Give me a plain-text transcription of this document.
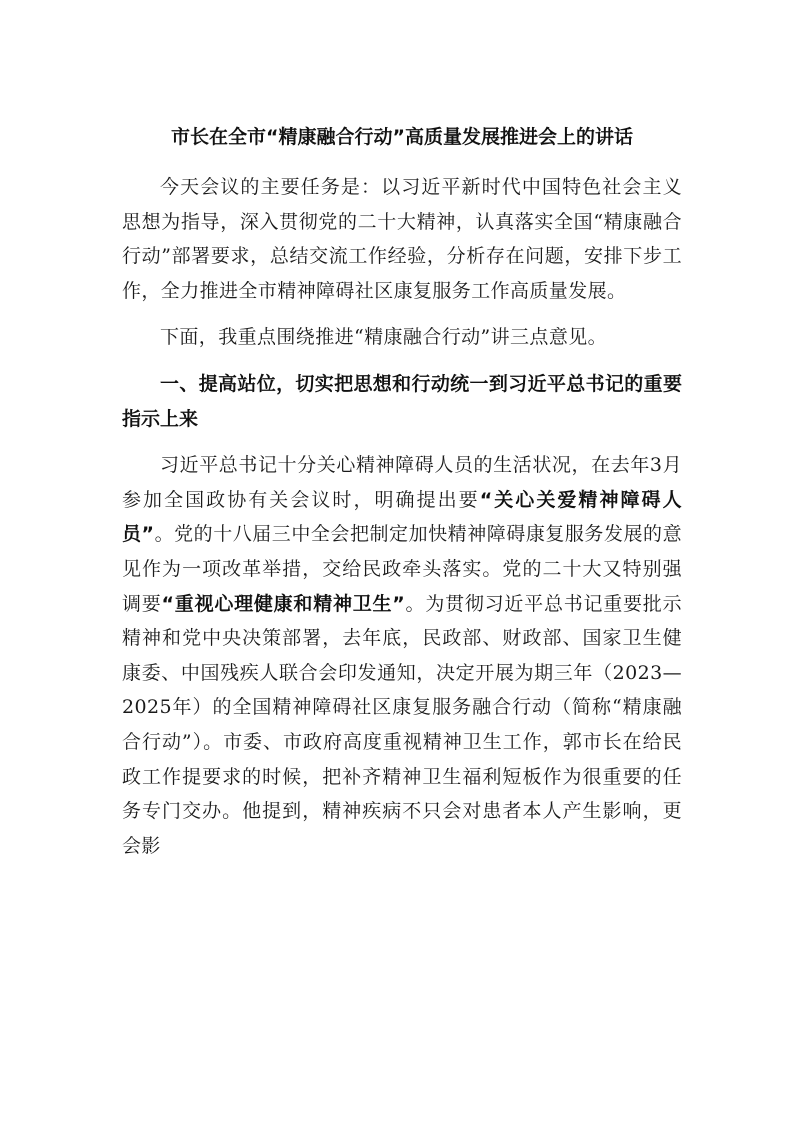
市长在全市“精康融合行动”高质量发展推进会上的讲话

今天会议的主要任务是：以习近平新时代中国特色社会主义思想为指导，深入贯彻党的二十大精神，认真落实全国“精康融合行动”部署要求，总结交流工作经验，分析存在问题，安排下步工作，全力推进全市精神障碍社区康复服务工作高质量发展。

下面，我重点围绕推进“精康融合行动”讲三点意见。

一、提高站位，切实把思想和行动统一到习近平总书记的重要指示上来

习近平总书记十分关心精神障碍人员的生活状况，在去年3月参加全国政协有关会议时，明确提出要“关心关爱精神障碍人员”。党的十八届三中全会把制定加快精神障碍康复服务发展的意见作为一项改革举措，交给民政牵头落实。党的二十大又特别强调要“重视心理健康和精神卫生”。为贯彻习近平总书记重要批示精神和党中央决策部署，去年底，民政部、财政部、国家卫生健康委、中国残疾人联合会印发通知，决定开展为期三年（2023—2025年）的全国精神障碍社区康复服务融合行动（简称“精康融合行动”）。市委、市政府高度重视精神卫生工作，郭市长在给民政工作提要求的时候，把补齐精神卫生福利短板作为很重要的任务专门交办。他提到，精神疾病不只会对患者本人产生影响，更会影
